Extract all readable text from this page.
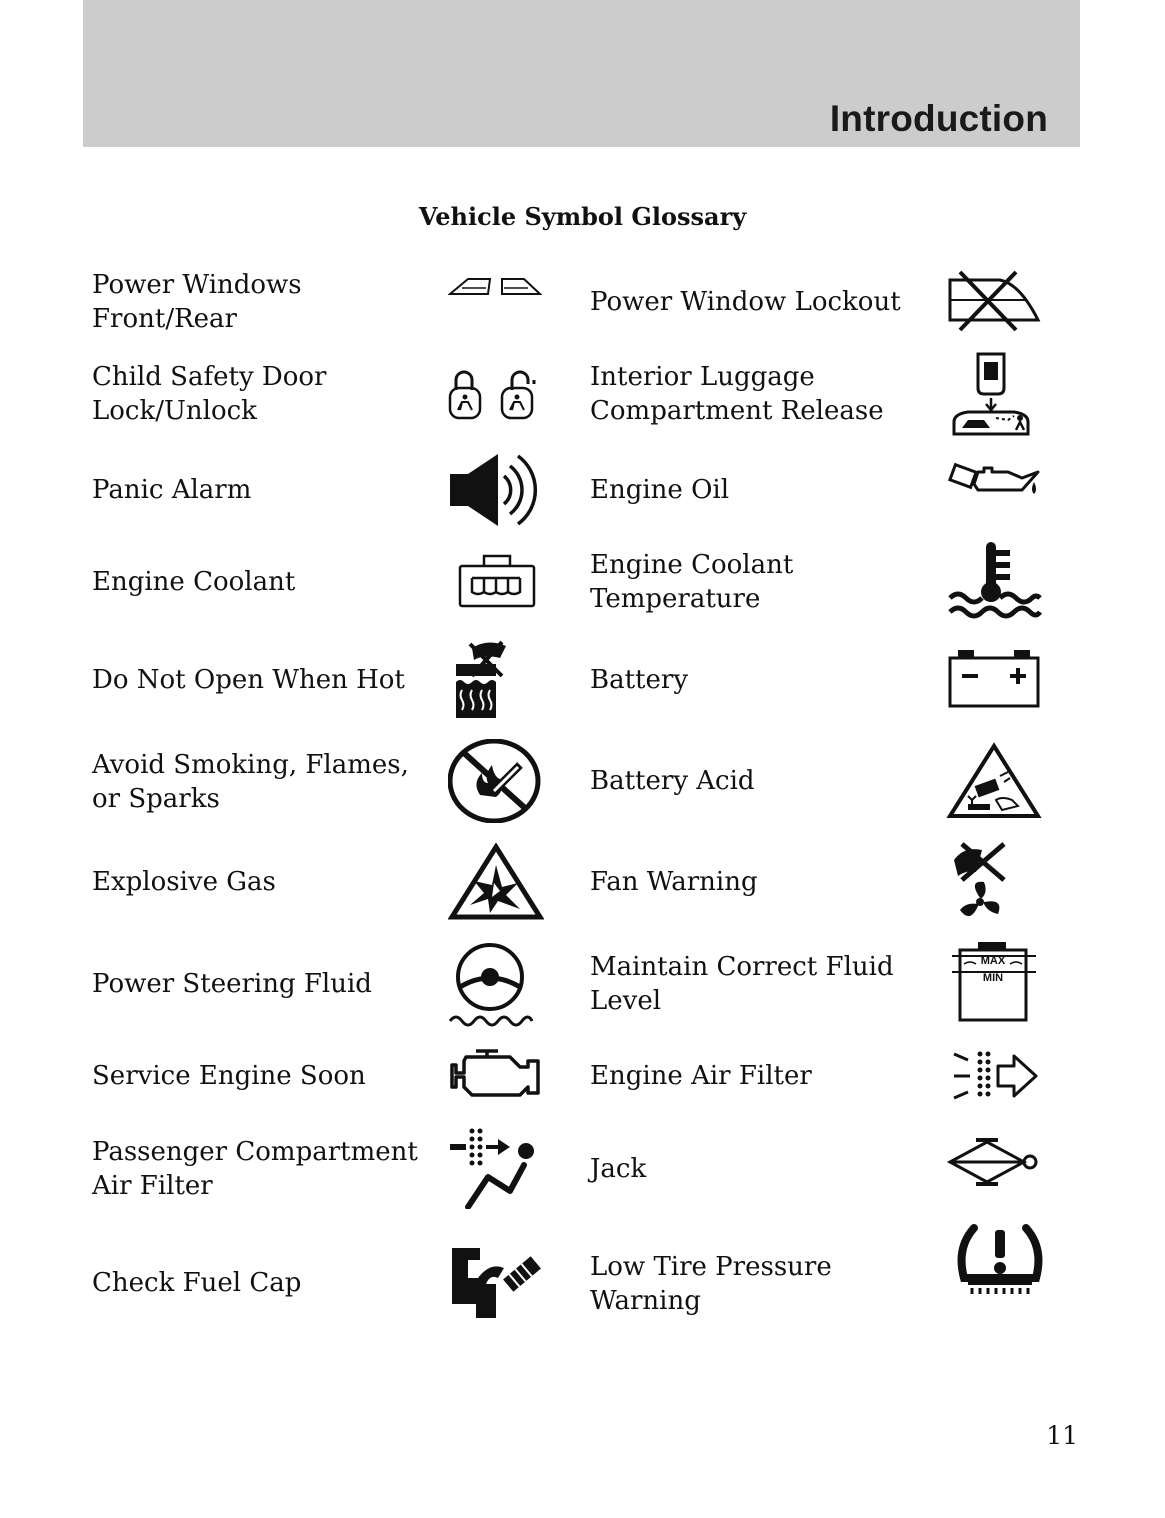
Introduction
Vehicle Symbol Glossary
Power Windows
Front/Rear
Child Safety Door
Lock/Unlock
Panic Alarm
Engine Coolant
Do Not Open When Hot
Avoid Smoking, Flames,
or Sparks
Explosive Gas
Power Steering Fluid
Service Engine Soon
Passenger Compartment
Air Filter
Check Fuel Cap
Power Window Lockout
Interior Luggage
Compartment Release
Engine Oil
Engine Coolant
Temperature
Battery
Battery Acid
Fan Warning
Maintain Correct Fluid
Level
Engine Air Filter
Jack
Low Tire Pressure
Warning
MAX
MIN
11
